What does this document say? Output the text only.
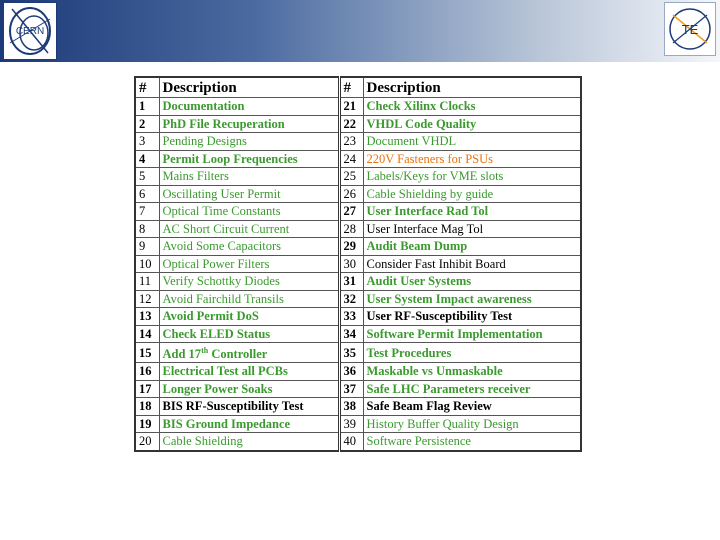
CERN	TE
#	Description	#	Description
1	Documentation	21	Check Xilinx Clocks
2	PhD File Recuperation	22	VHDL Code Quality
3	Pending Designs	23	Document VHDL
4	Permit Loop Frequencies	24	220V Fasteners for PSUs
5	Mains Filters	25	Labels/Keys for VME slots
6	Oscillating User Permit	26	Cable Shielding by guide
7	Optical Time Constants	27	User Interface Rad Tol
8	AC Short Circuit Current	28	User Interface Mag Tol
9	Avoid Some Capacitors	29	Audit Beam Dump
10	Optical Power Filters	30	Consider Fast Inhibit Board
11	Verify Schottky Diodes	31	Audit User Systems
12	Avoid Fairchild Transils	32	User System Impact awareness
13	Avoid Permit DoS	33	User RF-Susceptibility Test
14	Check ELED Status	34	Software Permit Implementation
15	Add 17th Controller	35	Test Procedures
16	Electrical Test all PCBs	36	Maskable vs Unmaskable
17	Longer Power Soaks	37	Safe LHC Parameters receiver
18	BIS RF-Susceptibility Test	38	Safe Beam Flag Review
19	BIS Ground Impedance	39	History Buffer Quality Design
20	Cable Shielding	40	Software Persistence
